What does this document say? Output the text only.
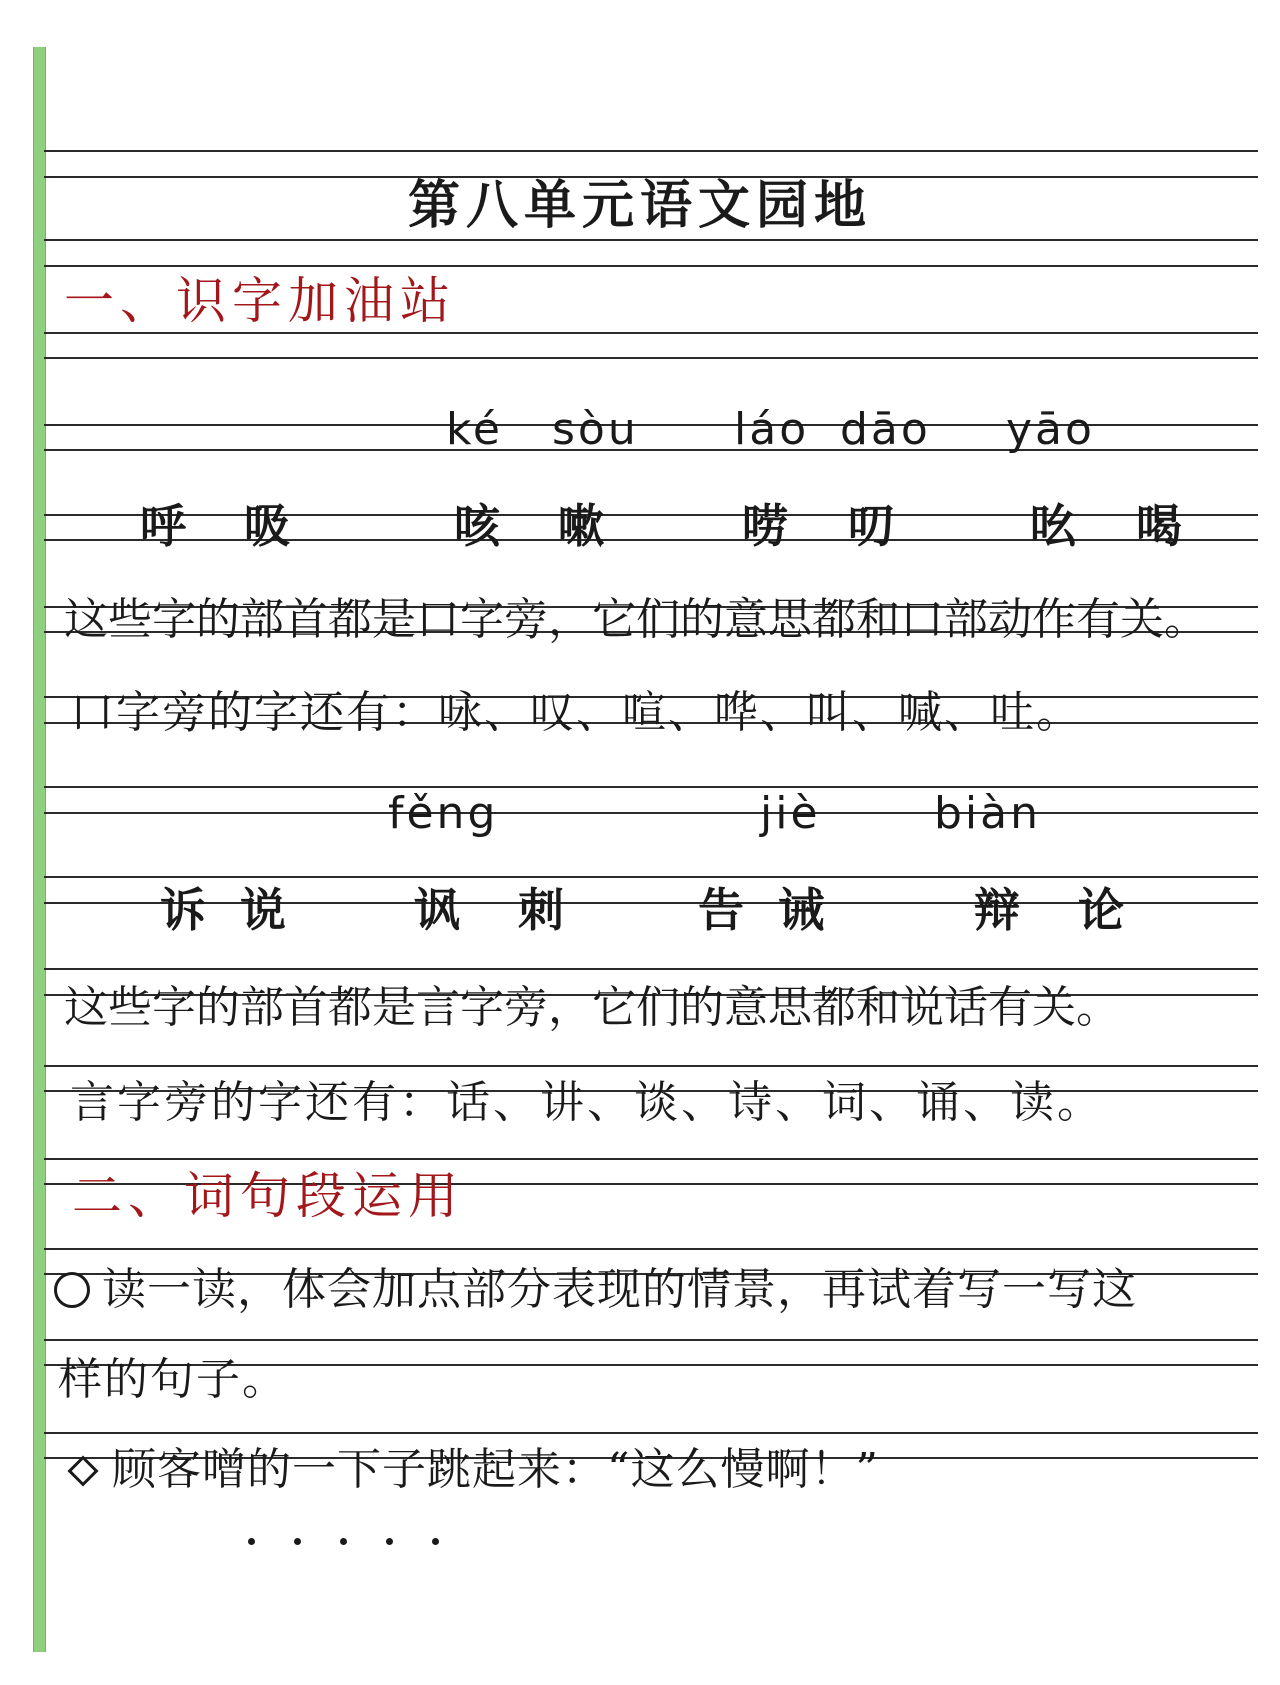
第八单元语文园地
一、识字加油站
ké sòu láo dāo yāo
呼 吸	咳 嗽	唠 叨	吆 喝
这些字的部首都是口字旁，它们的意思都和口部动作有关。
口字旁的字还有：咏、叹、喧、哗、叫、喊、吐。
fěng	jiè	biàn
诉 说	讽 刺	告 诫	辩 论
这些字的部首都是言字旁，它们的意思都和说话有关。
言字旁的字还有：话、讲、谈、诗、词、诵、读。
二、词句段运用
读一读，体会加点部分表现的情景，再试着写一写这
样的句子。
顾客噌的一下子跳起来：“这么慢啊！”
